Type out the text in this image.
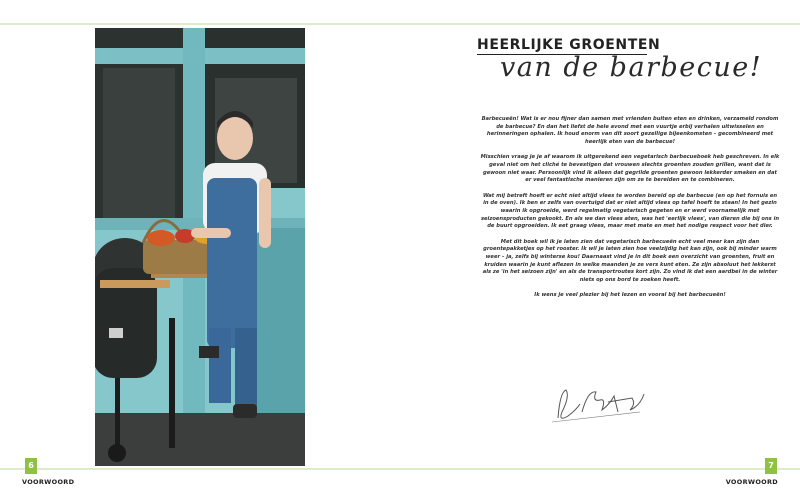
HEERLIJKE GROENTEN
van de barbecue!

Barbecueën! Wat is er nou fijner dan samen met vrienden buiten eten en drinken, verzameld rondom de barbecue? En dan het liefst de hele avond met een vuurtje erbij verhalen uitwisselen en herinneringen ophalen. Ik houd enorm van dit soort gezellige bijeenkomsten – gecombineerd met heerlijk eten van de barbecue!

Misschien vraag je je af waarom ik uitgerekend een vegetarisch barbecueboek heb geschreven. In elk geval niet om het cliché te bevestigen dat vrouwen slechts groenten zouden grillen, want dat is gewoon niet waar. Persoonlijk vind ik alleen dat gegrilde groenten gewoon lekkerder smaken en dat er veel fantastische manieren zijn om ze te bereiden en te combineren.

Wat mij betreft hoeft er echt niet altijd vlees te worden bereid op de barbecue (en op het fornuis en in de oven). Ik ben er zelfs van overtuigd dat er niet altijd vlees op tafel hoeft te staan! In het gezin waarin ik opgroeide, werd regelmatig vegetarisch gegeten en er werd voornamelijk met seizoensproducten gekookt. En als we dan vlees aten, was het 'eerlijk vlees', van dieren die bij ons in de buurt opgroeiden. Ik eet graag vlees, maar met mate en met het nodige respect voor het dier.

Met dit boek wil ik je laten zien dat vegetarisch barbecueën echt veel meer kan zijn dan groentepakketjes op het rooster. Ik wil je laten zien hoe veelzijdig het kan zijn, ook bij minder warm weer – ja, zelfs bij winterse kou! Daarnaast vind je in dit boek een overzicht van groenten, fruit en kruiden waarin je kunt aflezen in welke maanden je ze vers kunt eten. Ze zijn absoluut het lekkerst als ze 'in het seizoen zijn' en als de transportroutes kort zijn. Zo vind ik dat een aardbei in de winter niets op ons bord te zoeken heeft.

Ik wens je veel plezier bij het lezen en vooral bij het barbecueën!

6
VOORWOORD
7
VOORWOORD
